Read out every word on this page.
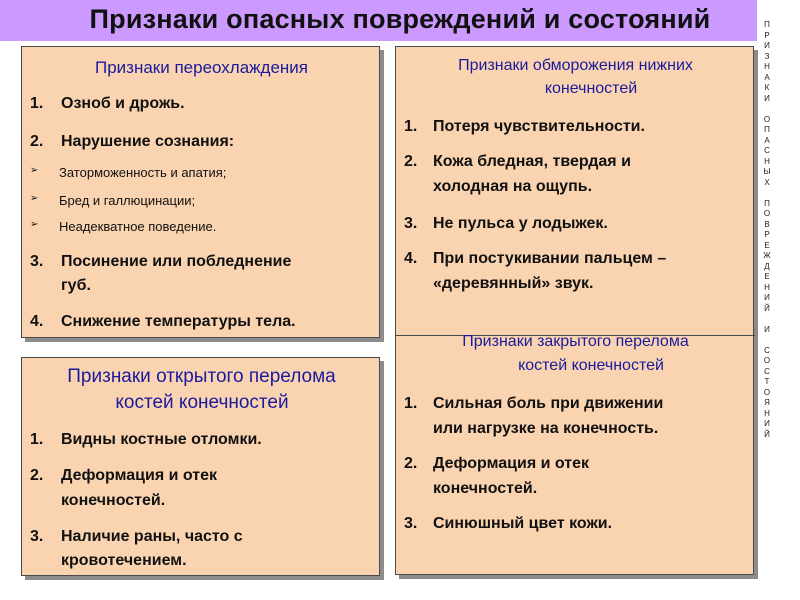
Признаки опасных повреждений и состояний	П
Р
И
З
Н
А
К
И

О
П
А
С
Н
Ы
Х

П
О
В
Р
Е
Ж
Д
Е
Н
И
Й

И

С
О
С
Т
О
Я
Н
И
Й
Признаки переохлаждения
1. Озноб и дрожь.
2. Нарушение сознания:
➢ Заторможенность и апатия;
➢ Бред и галлюцинации;
➢ Неадекватное поведение.
3. Посинение или побледнение
губ.
4. Снижение температуры тела.
Признаки открытого перелома
костей конечностей
1. Видны костные отломки.
2. Деформация и отек
конечностей.
3. Наличие раны, часто с
кровотечением.
Признаки обморожения нижних
конечностей
1. Потеря чувствительности.
2. Кожа бледная, твердая и
холодная на ощупь.
3. Не пульса у лодыжек.
4. При постукивании пальцем –
«деревянный» звук.
Признаки закрытого перелома
костей конечностей
1. Сильная боль при движении
или нагрузке на конечность.
2. Деформация и отек
конечностей.
3. Синюшный цвет кожи.
